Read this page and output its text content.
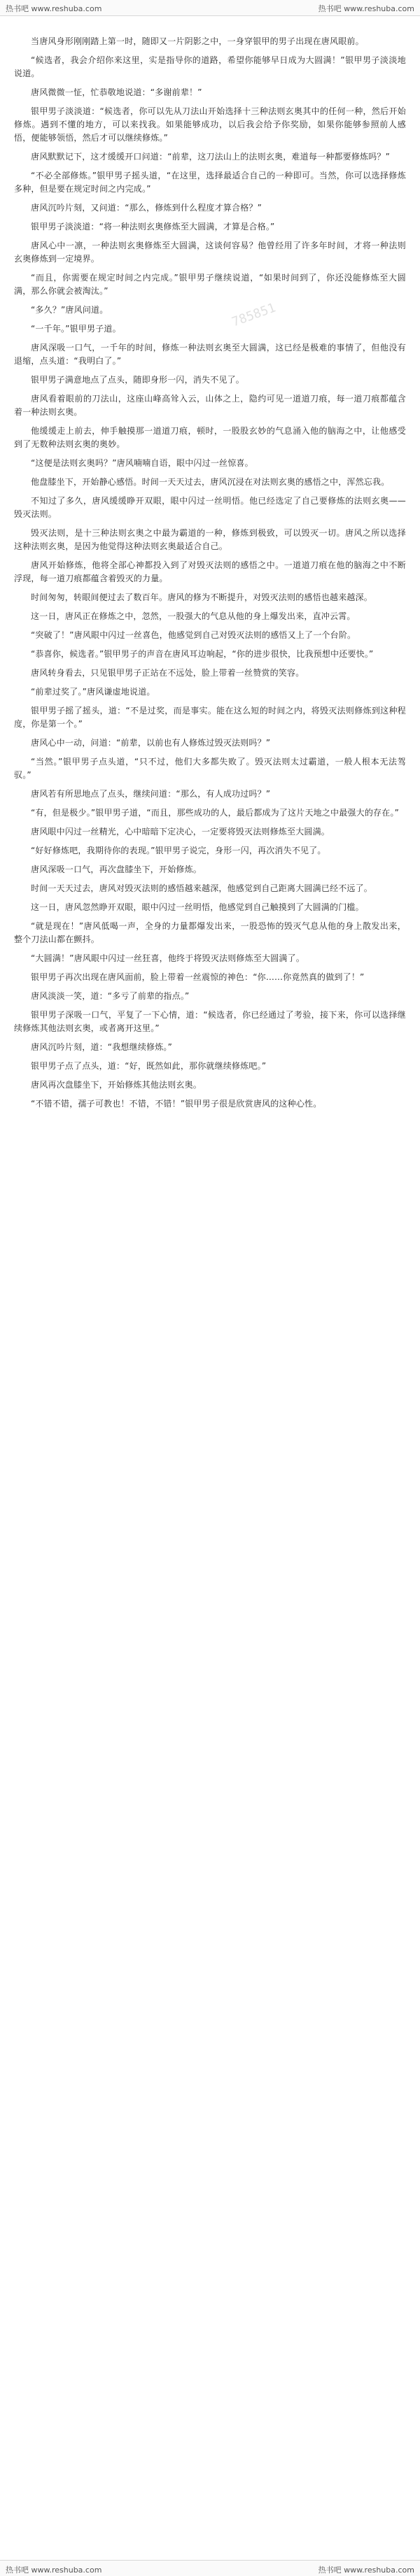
热书吧 www.reshuba.com	热书吧 www.reshuba.com
785851

当唐风身形刚刚踏上第一时，随即又一片阴影之中，一身穿银甲的男子出现在唐风眼前。

“候选者，我会介绍你来这里，实是指导你的道路，希望你能够早日成为大圆满！”银甲男子淡淡地说道。

唐风微微一怔，忙恭敬地说道：“多谢前辈！”

银甲男子淡淡道：“候选者，你可以先从刀法山开始选择十三种法则玄奥其中的任何一种，然后开始修炼。遇到不懂的地方，可以来找我。如果能够成功，以后我会给予你奖励，如果你能够参照前人感悟，便能够领悟，然后才可以继续修炼。”

唐风默默记下，这才缓缓开口问道：“前辈，这刀法山上的法则玄奥，难道每一种都要修炼吗？”

“不必全部修炼。”银甲男子摇头道，“在这里，选择最适合自己的一种即可。当然，你可以选择修炼多种，但是要在规定时间之内完成。”

唐风沉吟片刻，又问道：“那么，修炼到什么程度才算合格？”

银甲男子淡淡道：“将一种法则玄奥修炼至大圆满，才算是合格。”

唐风心中一凛，一种法则玄奥修炼至大圆满，这谈何容易？他曾经用了许多年时间，才将一种法则玄奥修炼到一定境界。

“而且，你需要在规定时间之内完成。”银甲男子继续说道，“如果时间到了，你还没能修炼至大圆满，那么你就会被淘汰。”

“多久？”唐风问道。

“一千年。”银甲男子道。

唐风深吸一口气，一千年的时间，修炼一种法则玄奥至大圆满，这已经是极难的事情了，但他没有退缩，点头道：“我明白了。”

银甲男子满意地点了点头，随即身形一闪，消失不见了。

唐风看着眼前的刀法山，这座山峰高耸入云，山体之上，隐约可见一道道刀痕，每一道刀痕都蕴含着一种法则玄奥。

他缓缓走上前去，伸手触摸那一道道刀痕，顿时，一股股玄妙的气息涌入他的脑海之中，让他感受到了无数种法则玄奥的奥妙。

“这便是法则玄奥吗？”唐风喃喃自语，眼中闪过一丝惊喜。

他盘膝坐下，开始静心感悟。时间一天天过去，唐风沉浸在对法则玄奥的感悟之中，浑然忘我。

不知过了多久，唐风缓缓睁开双眼，眼中闪过一丝明悟。他已经选定了自己要修炼的法则玄奥——毁灭法则。

毁灭法则，是十三种法则玄奥之中最为霸道的一种，修炼到极致，可以毁灭一切。唐风之所以选择这种法则玄奥，是因为他觉得这种法则玄奥最适合自己。

唐风开始修炼，他将全部心神都投入到了对毁灭法则的感悟之中。一道道刀痕在他的脑海之中不断浮现，每一道刀痕都蕴含着毁灭的力量。

时间匆匆，转眼间便过去了数百年。唐风的修为不断提升，对毁灭法则的感悟也越来越深。

这一日，唐风正在修炼之中，忽然，一股强大的气息从他的身上爆发出来，直冲云霄。

“突破了！”唐风眼中闪过一丝喜色，他感觉到自己对毁灭法则的感悟又上了一个台阶。

“恭喜你，候选者。”银甲男子的声音在唐风耳边响起，“你的进步很快，比我预想中还要快。”

唐风转身看去，只见银甲男子正站在不远处，脸上带着一丝赞赏的笑容。

“前辈过奖了。”唐风谦虚地说道。

银甲男子摇了摇头，道：“不是过奖，而是事实。能在这么短的时间之内，将毁灭法则修炼到这种程度，你是第一个。”

唐风心中一动，问道：“前辈，以前也有人修炼过毁灭法则吗？”

“当然。”银甲男子点头道，“只不过，他们大多都失败了。毁灭法则太过霸道，一般人根本无法驾驭。”

唐风若有所思地点了点头，继续问道：“那么，有人成功过吗？”

“有，但是极少。”银甲男子道，“而且，那些成功的人，最后都成为了这片天地之中最强大的存在。”

唐风眼中闪过一丝精光，心中暗暗下定决心，一定要将毁灭法则修炼至大圆满。

“好好修炼吧，我期待你的表现。”银甲男子说完，身形一闪，再次消失不见了。

唐风深吸一口气，再次盘膝坐下，开始修炼。

时间一天天过去，唐风对毁灭法则的感悟越来越深，他感觉到自己距离大圆满已经不远了。

这一日，唐风忽然睁开双眼，眼中闪过一丝明悟，他感觉到自己触摸到了大圆满的门槛。

“就是现在！”唐风低喝一声，全身的力量都爆发出来，一股恐怖的毁灭气息从他的身上散发出来，整个刀法山都在颤抖。

“大圆满！”唐风眼中闪过一丝狂喜，他终于将毁灭法则修炼至大圆满了。

银甲男子再次出现在唐风面前，脸上带着一丝震惊的神色：“你……你竟然真的做到了！”

唐风淡淡一笑，道：“多亏了前辈的指点。”

银甲男子深吸一口气，平复了一下心情，道：“候选者，你已经通过了考验，接下来，你可以选择继续修炼其他法则玄奥，或者离开这里。”

唐风沉吟片刻，道：“我想继续修炼。”

银甲男子点了点头，道：“好，既然如此，那你就继续修炼吧。”

唐风再次盘膝坐下，开始修炼其他法则玄奥。

“不错不错，孺子可教也！不错，不错！”银甲男子很是欣赏唐风的这种心性。

热书吧 www.reshuba.com	热书吧 www.reshuba.com
